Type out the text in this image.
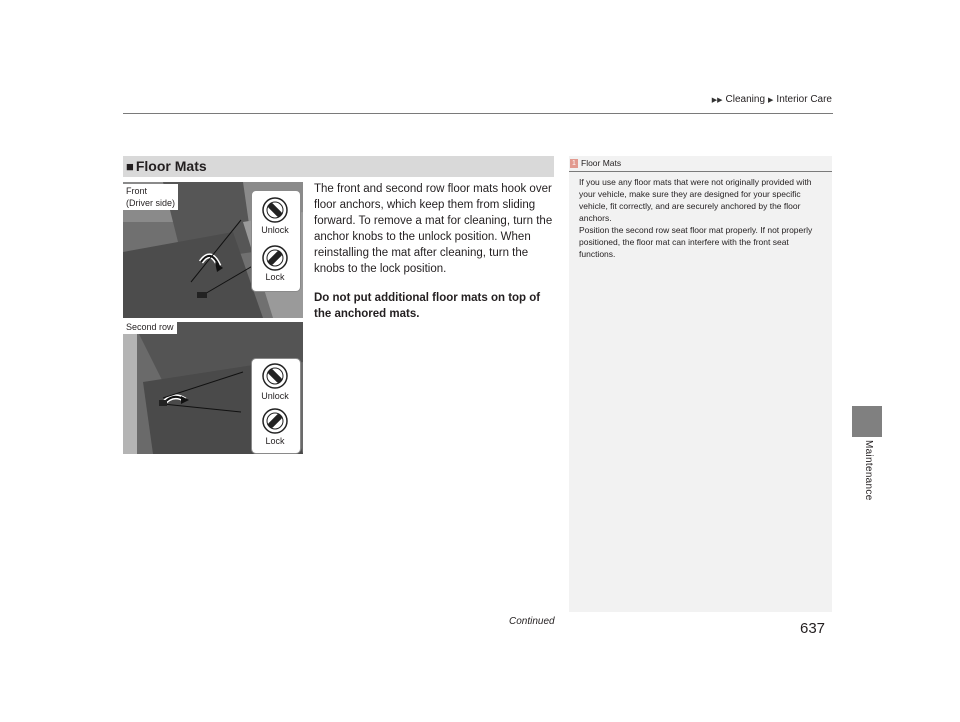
▶▶ Cleaning ▶ Interior Care
■ Floor Mats
Front
(Driver side)
Unlock
Lock
Second row
Unlock
Lock

The front and second row floor mats hook over floor anchors, which keep them from sliding forward. To remove a mat for cleaning, turn the anchor knobs to the unlock position. When reinstalling the mat after cleaning, turn the knobs to the lock position.

Do not put additional floor mats on top of the anchored mats.

1 Floor Mats
If you use any floor mats that were not originally provided with your vehicle, make sure they are designed for your specific vehicle, fit correctly, and are securely anchored by the floor anchors.
Position the second row seat floor mat properly. If not properly positioned, the floor mat can interfere with the front seat functions.
Maintenance
Continued	637
